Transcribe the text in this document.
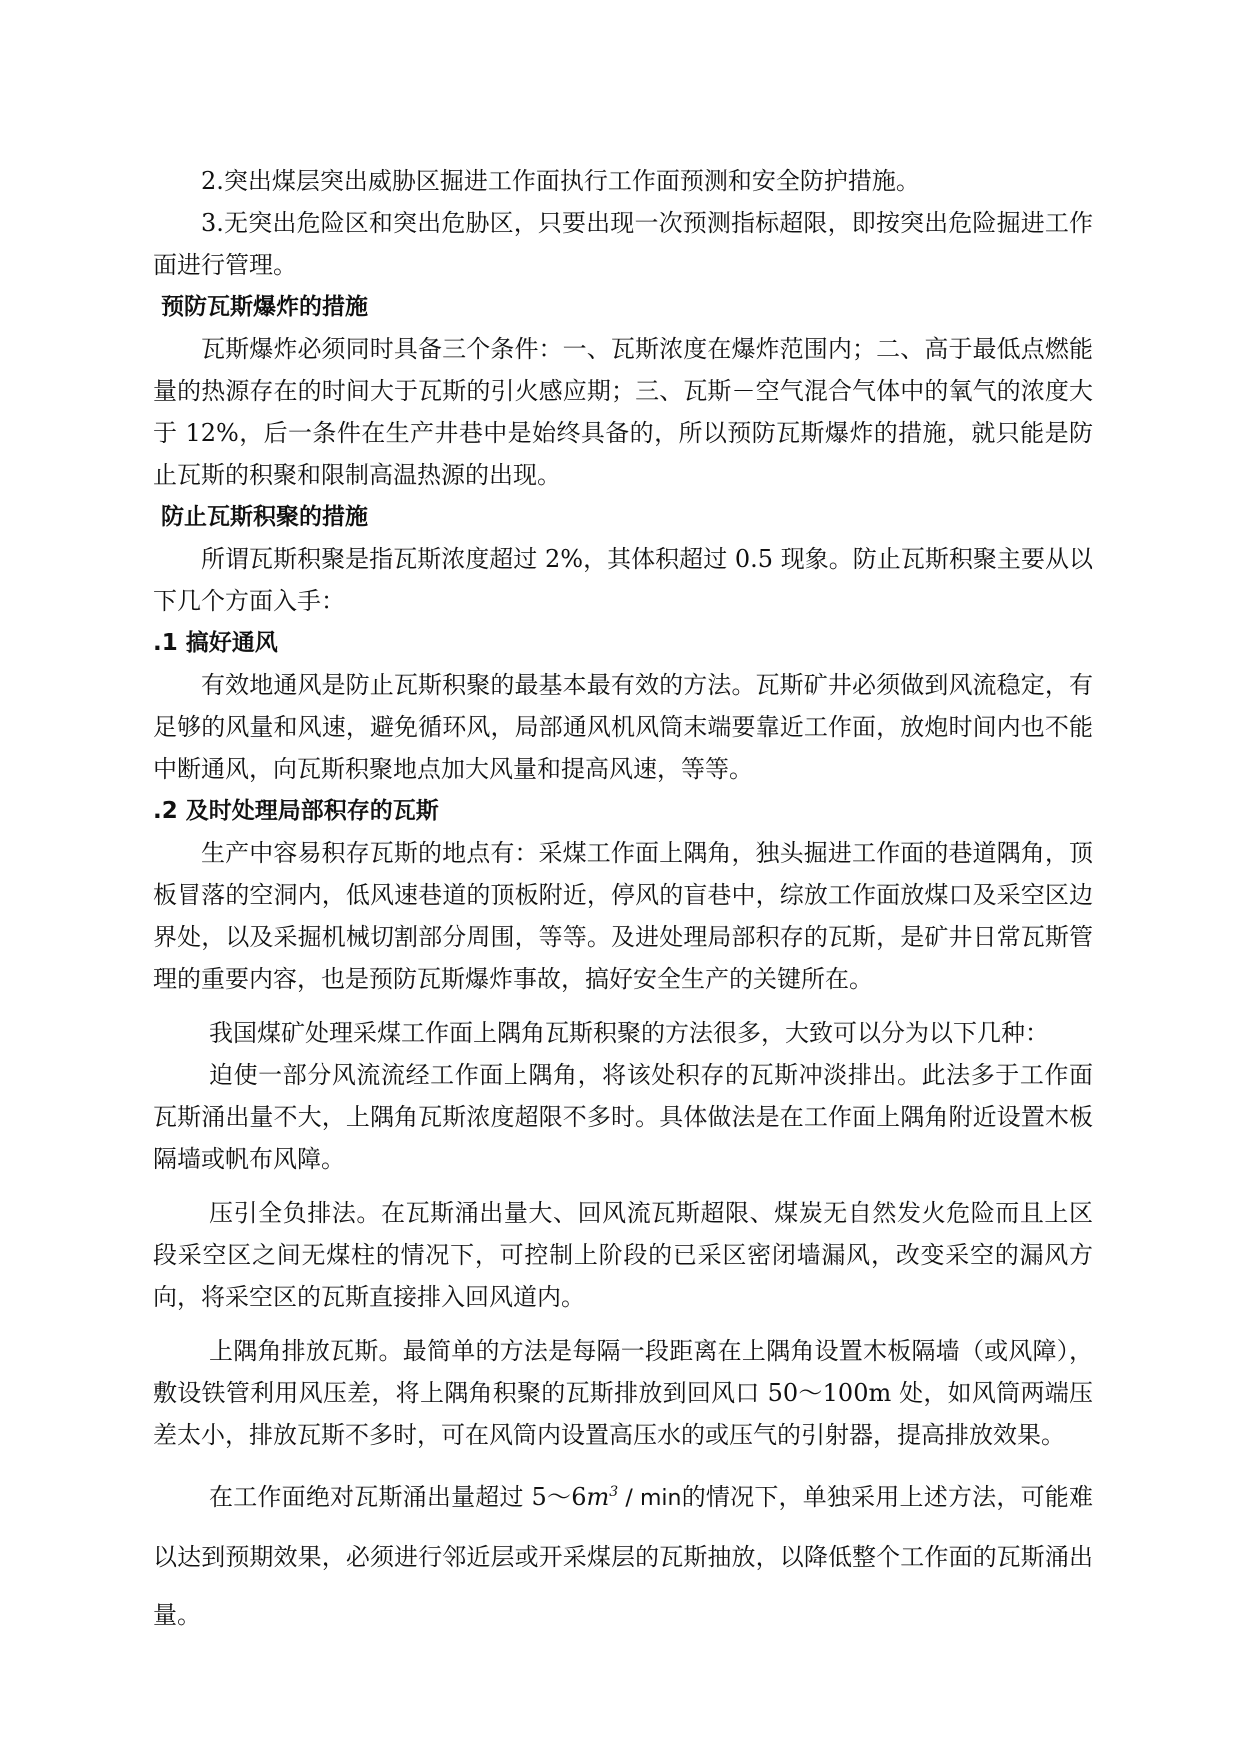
2.突出煤层突出威胁区掘进工作面执行工作面预测和安全防护措施。

3.无突出危险区和突出危胁区，只要出现一次预测指标超限，即按突出危险掘进工作面进行管理。

预防瓦斯爆炸的措施

瓦斯爆炸必须同时具备三个条件：一、瓦斯浓度在爆炸范围内；二、高于最低点燃能量的热源存在的时间大于瓦斯的引火感应期；三、瓦斯－空气混合气体中的氧气的浓度大于 12%，后一条件在生产井巷中是始终具备的，所以预防瓦斯爆炸的措施，就只能是防止瓦斯的积聚和限制高温热源的出现。

防止瓦斯积聚的措施

所谓瓦斯积聚是指瓦斯浓度超过 2%，其体积超过 0.5 现象。防止瓦斯积聚主要从以下几个方面入手：

.1 搞好通风

有效地通风是防止瓦斯积聚的最基本最有效的方法。瓦斯矿井必须做到风流稳定，有足够的风量和风速，避免循环风，局部通风机风筒末端要靠近工作面，放炮时间内也不能中断通风，向瓦斯积聚地点加大风量和提高风速，等等。

.2 及时处理局部积存的瓦斯

生产中容易积存瓦斯的地点有：采煤工作面上隅角，独头掘进工作面的巷道隅角，顶板冒落的空洞内，低风速巷道的顶板附近，停风的盲巷中，综放工作面放煤口及采空区边界处，以及采掘机械切割部分周围，等等。及进处理局部积存的瓦斯，是矿井日常瓦斯管理的重要内容，也是预防瓦斯爆炸事故，搞好安全生产的关键所在。

我国煤矿处理采煤工作面上隅角瓦斯积聚的方法很多，大致可以分为以下几种：

迫使一部分风流流经工作面上隅角，将该处积存的瓦斯冲淡排出。此法多于工作面瓦斯涌出量不大，上隅角瓦斯浓度超限不多时。具体做法是在工作面上隅角附近设置木板隔墙或帆布风障。

压引全负排法。在瓦斯涌出量大、回风流瓦斯超限、煤炭无自然发火危险而且上区段采空区之间无煤柱的情况下，可控制上阶段的已采区密闭墙漏风，改变采空的漏风方向，将采空区的瓦斯直接排入回风道内。

上隅角排放瓦斯。最简单的方法是每隔一段距离在上隅角设置木板隔墙（或风障），敷设铁管利用风压差，将上隅角积聚的瓦斯排放到回风口 50～100m 处，如风筒两端压差太小，排放瓦斯不多时，可在风筒内设置高压水的或压气的引射器，提高排放效果。

在工作面绝对瓦斯涌出量超过 $5\sim 6m^3$ / min的情况下，单独采用上述方法，可能难以达到预期效果，必须进行邻近层或开采煤层的瓦斯抽放，以降低整个工作面的瓦斯涌出量。
